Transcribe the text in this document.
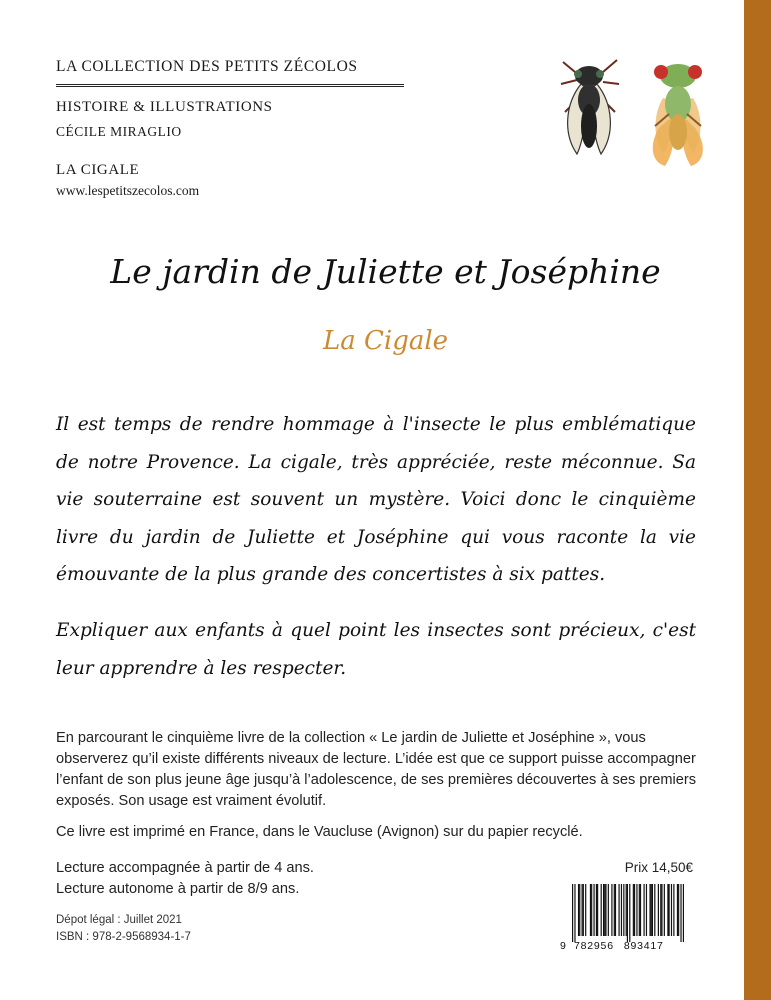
LA COLLECTION DES PETITS ZÉCOLOS
HISTOIRE & ILLUSTRATIONS
CÉCILE MIRAGLIO
LA CIGALE
www.lespetitszecolos.com
Le jardin de Juliette et Joséphine
La Cigale
Il est temps de rendre hommage à l'insecte le plus emblématique de notre Provence. La cigale, très appréciée, reste méconnue. Sa vie souterraine est souvent un mystère. Voici donc le cinquième livre du jardin de Juliette et Joséphine qui vous raconte la vie émouvante de la plus grande des concertistes à six pattes.
Expliquer aux enfants à quel point les insectes sont précieux, c'est leur apprendre à les respecter.
En parcourant le cinquième livre de la collection « Le jardin de Juliette et Joséphine », vous observerez qu’il existe différents niveaux de lecture. L’idée est que ce support puisse accompagner l’enfant de son plus jeune âge jusqu’à l’adolescence, de ses premières découvertes à ses premiers exposés. Son usage est vraiment évolutif.
Ce livre est imprimé en France, dans le Vaucluse (Avignon) sur du papier recyclé.
Lecture accompagnée à partir de 4 ans.
Lecture autonome à partir de 8/9 ans.
Dépot légal : Juillet 2021
ISBN : 978-2-9568934-1-7
Prix 14,50€
9 782956 893417
